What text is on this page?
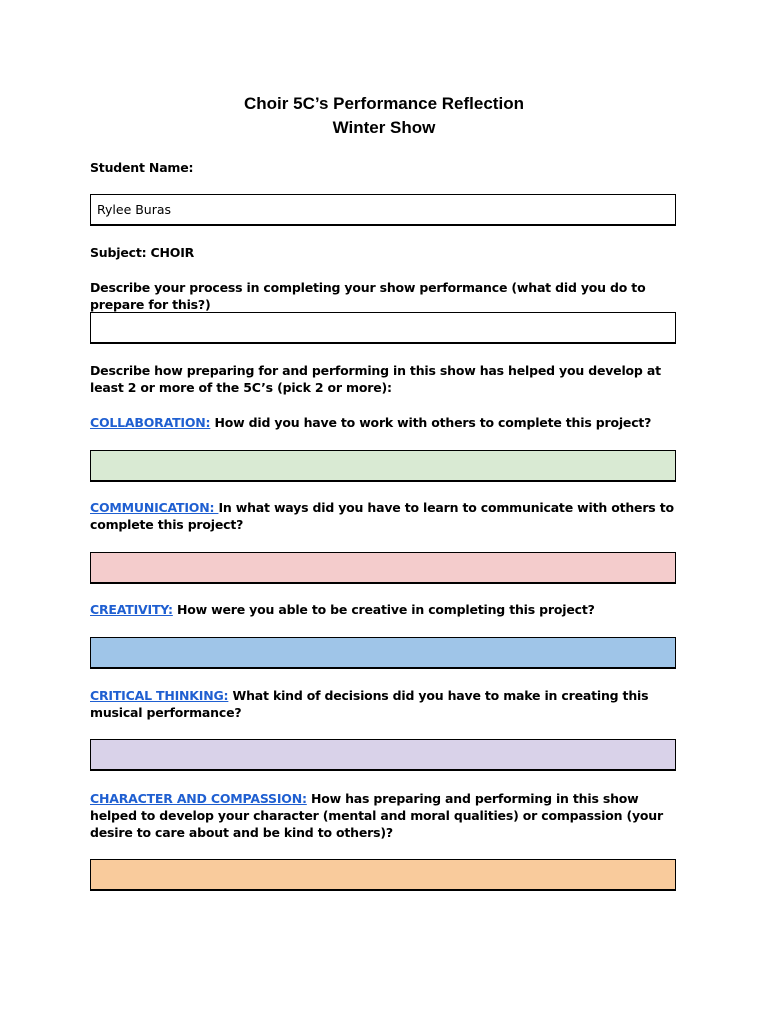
Choir 5C’s Performance Reflection
Winter Show
Student Name:
Rylee Buras
Subject: CHOIR
Describe your process in completing your show performance (what did you do to prepare for this?)
Describe how preparing for and performing in this show has helped you develop at least 2 or more of the 5C’s (pick 2 or more):
COLLABORATION: How did you have to work with others to complete this project?
COMMUNICATION: In what ways did you have to learn to communicate with others to complete this project?
CREATIVITY: How were you able to be creative in completing this project?
CRITICAL THINKING: What kind of decisions did you have to make in creating this musical performance?
CHARACTER AND COMPASSION: How has preparing and performing in this show helped to develop your character (mental and moral qualities) or compassion (your desire to care about and be kind to others)?
